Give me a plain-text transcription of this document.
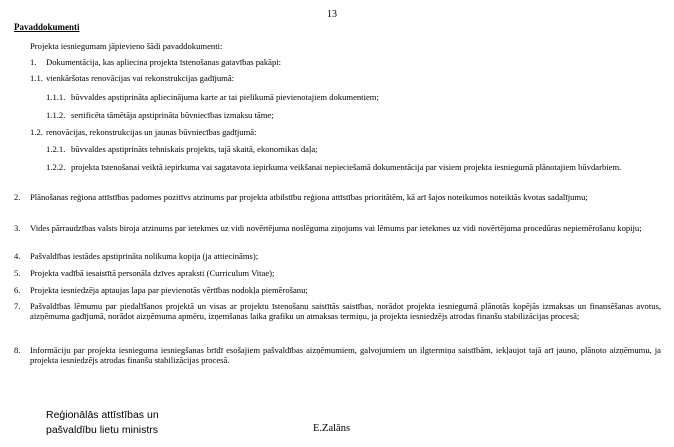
13
Pavaddokumenti
Projekta iesniegumam jāpievieno šādi pavaddokumenti:
1. Dokumentācija, kas apliecina projekta īstenošanas gatavības pakāpi:
1.1. vienkāršotas renovācijas vai rekonstrukcijas gadījumā:
1.1.1. būvvaldes apstiprināta apliecinājuma karte ar tai pielikumā pievienotajiem dokumentiem;
1.1.2. sertificēta tāmētāja apstiprināta būvniecības izmaksu tāme;
1.2. renovācijas, rekonstrukcijas un jaunas būvniecības gadījumā:
1.2.1. būvvaldes apstiprināts tehniskais projekts, tajā skaitā, ekonomikas daļa;
1.2.2. projekta īstenošanai veiktā iepirkuma vai sagatavota iepirkuma veikšanai nepieciešamā dokumentācija par visiem projekta iesniegumā plānotajiem būvdarbiem.
2. Plānošanas reģiona attīstības padomes pozitīvs atzinums par projekta atbilstību reģiona attīstības prioritātēm, kā arī šajos noteikumos noteiktās kvotas sadalījumu;
3. Vides pārraudzības valsts biroja atzinums par ietekmes uz vidi novērtējuma noslēguma ziņojums vai lēmums par ietekmes uz vidi novērtējuma procedūras nepiemērošanu kopiju;
4. Pašvaldības iestādes apstiprināta nolikuma kopija (ja attiecināms);
5. Projekta vadībā iesaistītā personāla dzīves apraksti (Curriculum Vitae);
6. Projekta iesniedzēja aptaujas lapa par pievienotās vērtības nodokļa piemērošanu;
7. Pašvaldības lēmumu par piedalīšanos projektā un visas ar projektu īstenošanu saistītās saistības, norādot projekta iesniegumā plānotās kopējās izmaksas un finansēšanas avotus, aizņēmuma gadījumā, norādot aizņēmuma apmēru, izņemšanas laika grafiku un atmaksas termiņu, ja projekta iesniedzējs atrodas finanšu stabilizācijas procesā;
8. Informāciju par projekta iesnieguma iesniegšanas brīdī esošajiem pašvaldības aizņēmumiem, galvojumiem un ilgtermiņa saistībām, iekļaujot tajā arī jauno, plānoto aizņēmumu, ja projekta iesniedzējs atrodas finanšu stabilizācijas procesā.
Reģionālās attīstības un
pašvaldību lietu ministrs	E.Zalāns
